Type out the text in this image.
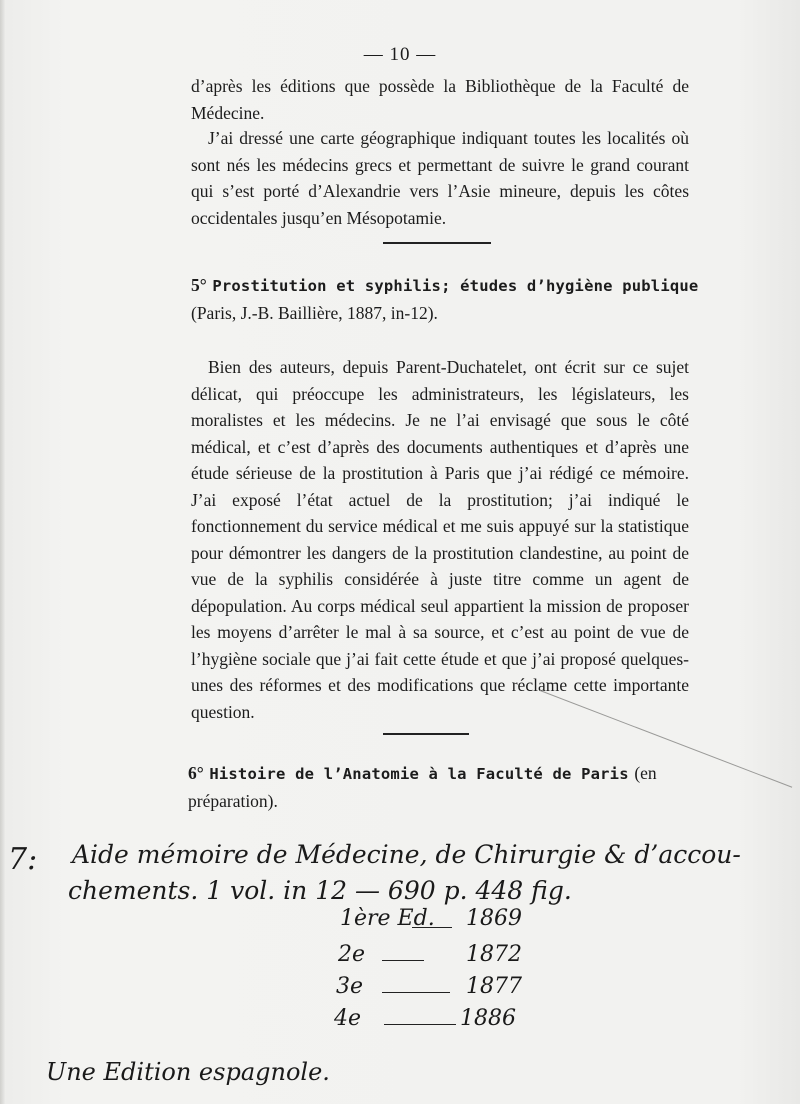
— 10 —
d’après les éditions que possède la Bibliothèque de la Faculté de Médecine.
J’ai dressé une carte géographique indiquant toutes les localités où sont nés les médecins grecs et permettant de suivre le grand courant qui s’est porté d’Alexandrie vers l’Asie mineure, depuis les côtes occidentales jusqu’en Mésopotamie.
5° Prostitution et syphilis; études d’hygiène publique
(Paris, J.-B. Baillière, 1887, in-12).
Bien des auteurs, depuis Parent-Duchatelet, ont écrit sur ce sujet délicat, qui préoccupe les administrateurs, les législateurs, les moralistes et les médecins. Je ne l’ai envisagé que sous le côté médical, et c’est d’après des documents authentiques et d’après une étude sérieuse de la prostitution à Paris que j’ai rédigé ce mémoire. J’ai exposé l’état actuel de la prostitution; j’ai indiqué le fonctionnement du service médical et me suis appuyé sur la statistique pour démontrer les dangers de la prostitution clandestine, au point de vue de la syphilis considérée à juste titre comme un agent de dépopulation. Au corps médical seul appartient la mission de proposer les moyens d’arrêter le mal à sa source, et c’est au point de vue de l’hygiène sociale que j’ai fait cette étude et que j’ai proposé quelques-unes des réformes et des modifications que réclame cette importante question.
6° Histoire de l’Anatomie à la Faculté de Paris (en préparation).
7: Aide mémoire de Médecine, de Chirurgie & d’accou-
chements. 1 vol. in 12 — 690 p. 448 fig.
1ère Ed. 1869
2e	1872
3e	1877
4e	1886
Une Edition espagnole.
